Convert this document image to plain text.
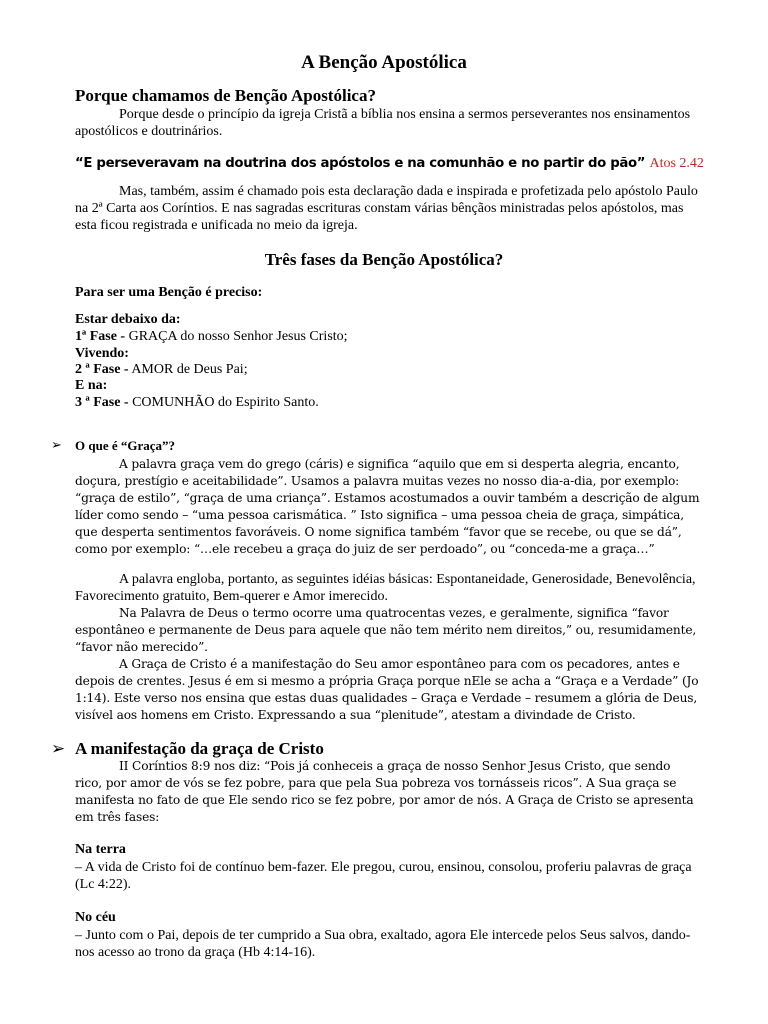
A Benção Apostólica
Porque chamamos de Benção Apostólica?
Porque desde o princípio da igreja Cristã a bíblia nos ensina a sermos perseverantes nos ensinamentos apostólicos e doutrinários.
“E perseveravam na doutrina dos apóstolos e na comunhão e no partir do pão” Atos 2.42
Mas, também, assim é chamado pois esta declaração dada e inspirada e profetizada pelo apóstolo Paulo na 2ª Carta aos Coríntios. E nas sagradas escrituras constam várias bênçãos ministradas pelos apóstolos, mas esta ficou registrada e unificada no meio da igreja.
Três fases da Benção Apostólica?
Para ser uma Benção é preciso:
Estar debaixo da:
1ª Fase - GRAÇA do nosso Senhor Jesus Cristo;
Vivendo:
2 ª Fase - AMOR de Deus Pai;
E na:
3 ª Fase - COMUNHÃO do Espirito Santo.
➢ O que é “Graça”?
A palavra graça vem do grego (cáris) e significa “aquilo que em si desperta alegria, encanto, doçura, prestígio e aceitabilidade”. Usamos a palavra muitas vezes no nosso dia-a-dia, por exemplo: “graça de estilo”, “graça de uma criança”. Estamos acostumados a ouvir também a descrição de algum líder como sendo – “uma pessoa carismática. ” Isto significa – uma pessoa cheia de graça, simpática, que desperta sentimentos favoráveis. O nome significa também “favor que se recebe, ou que se dá”, como por exemplo: “…ele recebeu a graça do juiz de ser perdoado”, ou “conceda-me a graça…”
A palavra engloba, portanto, as seguintes idéias básicas: Espontaneidade, Generosidade, Benevolência, Favorecimento gratuito, Bem-querer e Amor imerecido.
Na Palavra de Deus o termo ocorre uma quatrocentas vezes, e geralmente, significa “favor espontâneo e permanente de Deus para aquele que não tem mérito nem direitos,” ou, resumidamente, “favor não merecido”.
A Graça de Cristo é a manifestação do Seu amor espontâneo para com os pecadores, antes e depois de crentes. Jesus é em si mesmo a própria Graça porque nEle se acha a “Graça e a Verdade” (Jo 1:14). Este verso nos ensina que estas duas qualidades – Graça e Verdade – resumem a glória de Deus, visível aos homens em Cristo. Expressando a sua “plenitude”, atestam a divindade de Cristo.
➢ A manifestação da graça de Cristo
II Coríntios 8:9 nos diz: “Pois já conheceis a graça de nosso Senhor Jesus Cristo, que sendo rico, por amor de vós se fez pobre, para que pela Sua pobreza vos tornásseis ricos”. A Sua graça se manifesta no fato de que Ele sendo rico se fez pobre, por amor de nós. A Graça de Cristo se apresenta em três fases:
Na terra
– A vida de Cristo foi de contínuo bem-fazer. Ele pregou, curou, ensinou, consolou, proferiu palavras de graça (Lc 4:22).
No céu
– Junto com o Pai, depois de ter cumprido a Sua obra, exaltado, agora Ele intercede pelos Seus salvos, dando-nos acesso ao trono da graça (Hb 4:14-16).
